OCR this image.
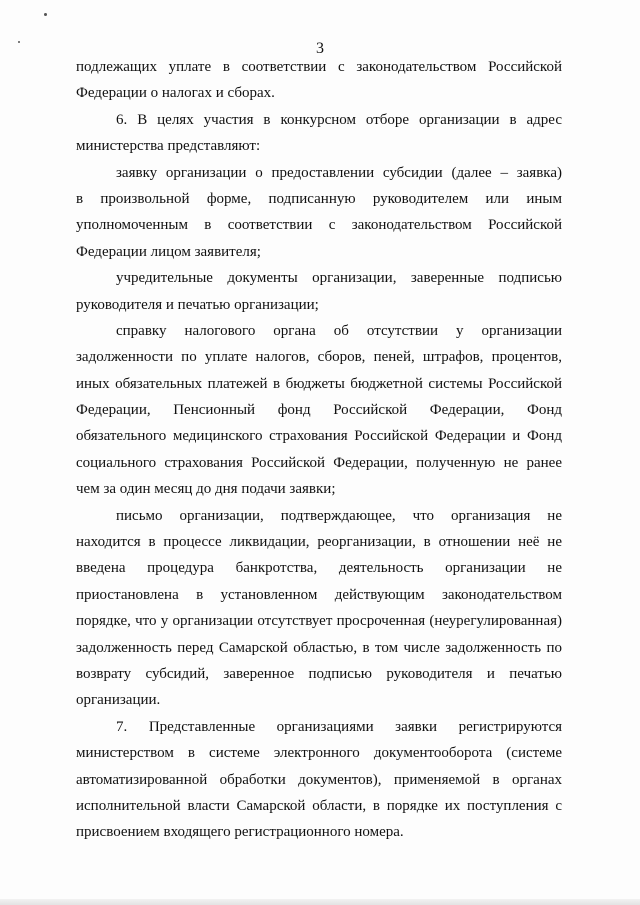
3
подлежащих уплате в соответствии с законодательством Российской
Федерации о налогах и сборах.
6. В целях участия в конкурсном отборе организации в адрес
министерства представляют:
заявку организации о предоставлении субсидии (далее – заявка)
в произвольной форме, подписанную руководителем или иным
уполномоченным в соответствии с законодательством Российской
Федерации лицом заявителя;
учредительные документы организации, заверенные подписью
руководителя и печатью организации;
справку налогового органа об отсутствии у организации
задолженности по уплате налогов, сборов, пеней, штрафов, процентов,
иных обязательных платежей в бюджеты бюджетной системы Российской
Федерации, Пенсионный фонд Российской Федерации, Фонд
обязательного медицинского страхования Российской Федерации и Фонд
социального страхования Российской Федерации, полученную не ранее
чем за один месяц до дня подачи заявки;
письмо организации, подтверждающее, что организация не
находится в процессе ликвидации, реорганизации, в отношении неё не
введена процедура банкротства, деятельность организации не
приостановлена в установленном действующим законодательством
порядке, что у организации отсутствует просроченная (неурегулированная)
задолженность перед Самарской областью, в том числе задолженность по
возврату субсидий, заверенное подписью руководителя и печатью
организации.
7. Представленные организациями заявки регистрируются
министерством в системе электронного документооборота (системе
автоматизированной обработки документов), применяемой в органах
исполнительной власти Самарской области, в порядке их поступления с
присвоением входящего регистрационного номера.
